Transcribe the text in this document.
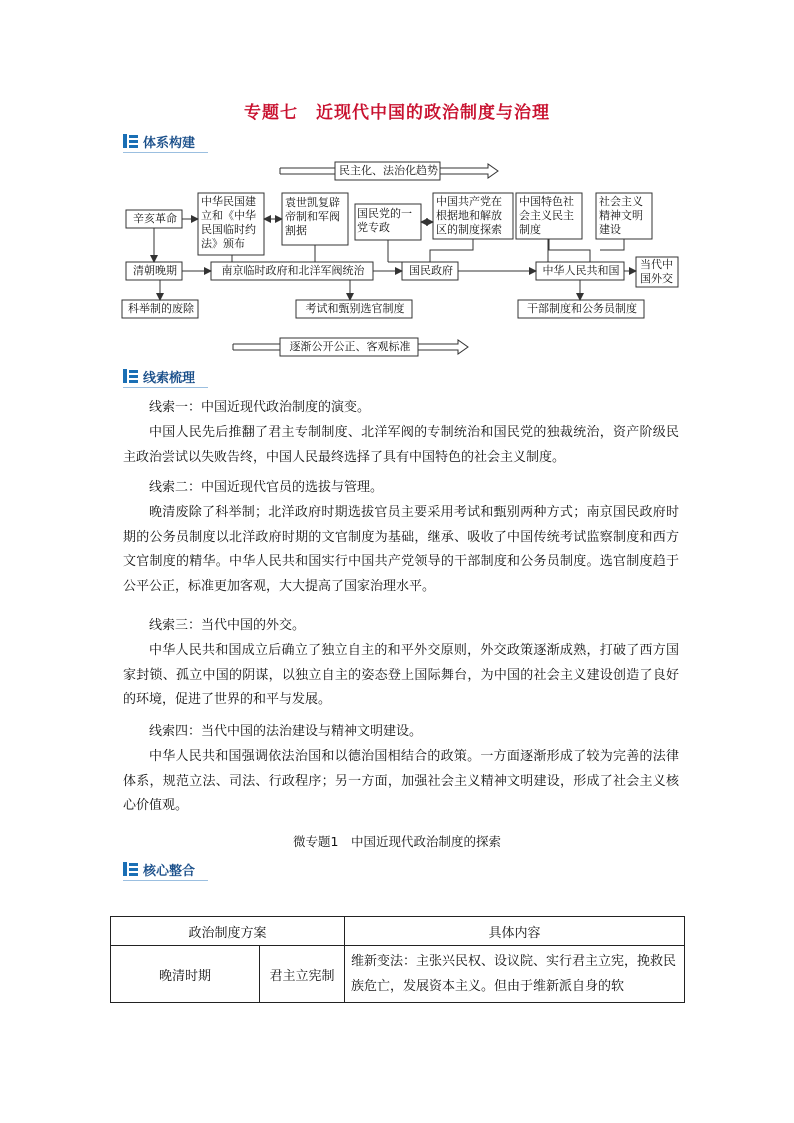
专题七　近现代中国的政治制度与治理
体系构建
民主化、法治化趋势
逐渐公开公正、客观标准
辛亥革命
中华民国建立和《中华民国临时约法》颁布
袁世凯复辟帝制和军阀割据
国民党的一党专政
中国共产党在根据地和解放区的制度探索
中国特色社会主义民主制度
社会主义精神文明建设
清朝晚期	南京临时政府和北洋军阀统治	国民政府	中华人民共和国	当代中国外交
科举制的废除	考试和甄别选官制度	干部制度和公务员制度
线索梳理
线索一：中国近现代政治制度的演变。
中国人民先后推翻了君主专制制度、北洋军阀的专制统治和国民党的独裁统治，资产阶级民主政治尝试以失败告终，中国人民最终选择了具有中国特色的社会主义制度。
线索二：中国近现代官员的选拔与管理。
晚清废除了科举制；北洋政府时期选拔官员主要采用考试和甄别两种方式；南京国民政府时期的公务员制度以北洋政府时期的文官制度为基础，继承、吸收了中国传统考试监察制度和西方文官制度的精华。中华人民共和国实行中国共产党领导的干部制度和公务员制度。选官制度趋于公平公正，标准更加客观，大大提高了国家治理水平。
线索三：当代中国的外交。
中华人民共和国成立后确立了独立自主的和平外交原则，外交政策逐渐成熟，打破了西方国家封锁、孤立中国的阴谋，以独立自主的姿态登上国际舞台，为中国的社会主义建设创造了良好的环境，促进了世界的和平与发展。
线索四：当代中国的法治建设与精神文明建设。
中华人民共和国强调依法治国和以德治国相结合的政策。一方面逐渐形成了较为完善的法律体系，规范立法、司法、行政程序；另一方面，加强社会主义精神文明建设，形成了社会主义核心价值观。
微专题1　中国近现代政治制度的探索
核心整合
政治制度方案		具体内容
晚清时期	君主立宪制	维新变法：主张兴民权、设议院、实行君主立宪，挽救民族危亡，发展资本主义。但由于维新派自身的软
